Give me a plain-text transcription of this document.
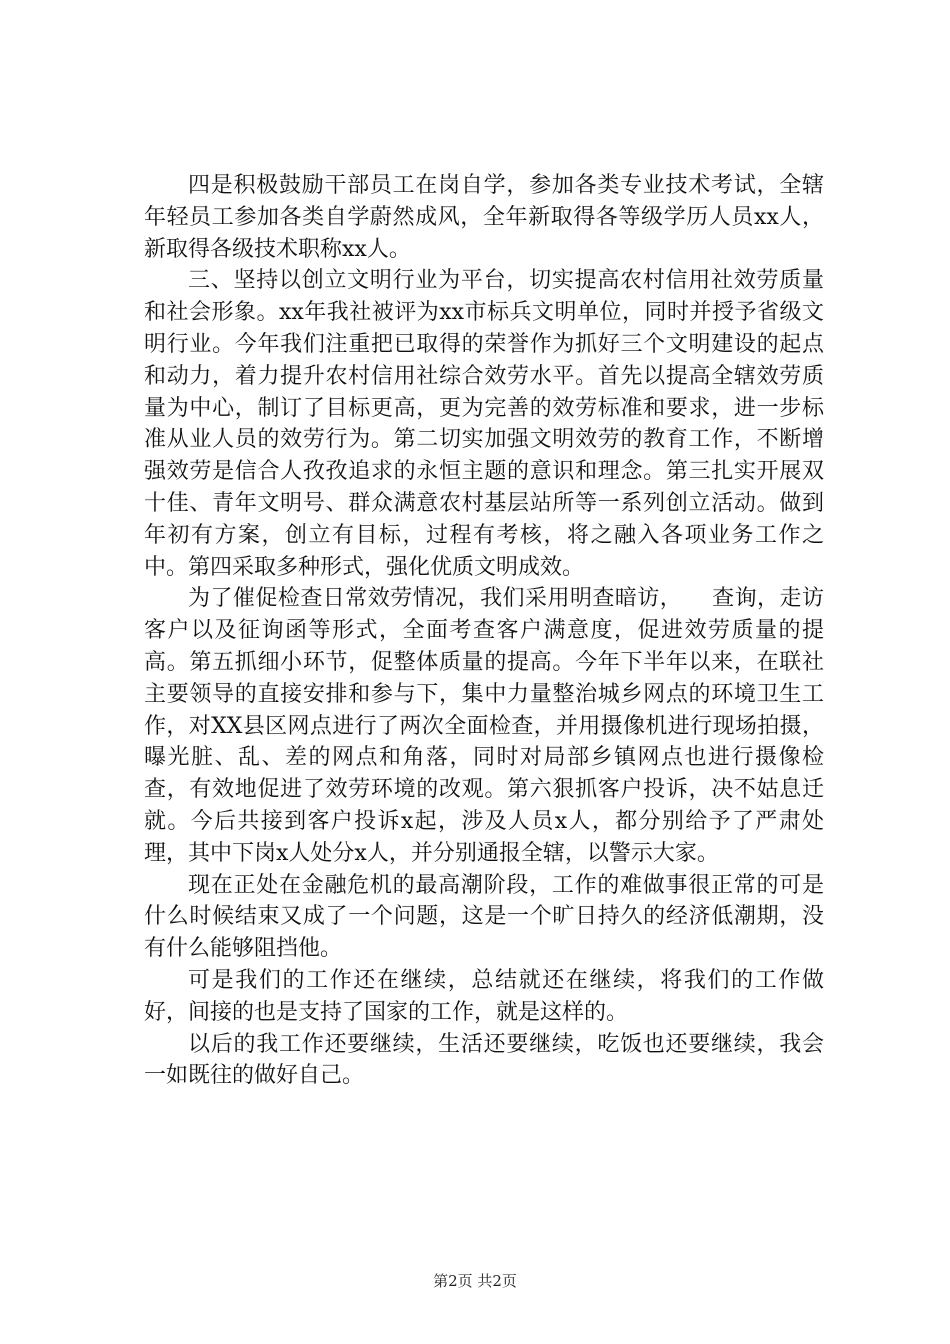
四是积极鼓励干部员工在岗自学，参加各类专业技术考试，全辖年轻员工参加各类自学蔚然成风，全年新取得各等级学历人员xx人，新取得各级技术职称xx人。

三、坚持以创立文明行业为平台，切实提高农村信用社效劳质量和社会形象。xx年我社被评为xx市标兵文明单位，同时并授予省级文明行业。今年我们注重把已取得的荣誉作为抓好三个文明建设的起点和动力，着力提升农村信用社综合效劳水平。首先以提高全辖效劳质量为中心，制订了目标更高，更为完善的效劳标准和要求，进一步标准从业人员的效劳行为。第二切实加强文明效劳的教育工作，不断增强效劳是信合人孜孜追求的永恒主题的意识和理念。第三扎实开展双十佳、青年文明号、群众满意农村基层站所等一系列创立活动。做到年初有方案，创立有目标，过程有考核，将之融入各项业务工作之中。第四采取多种形式，强化优质文明成效。

为了催促检查日常效劳情况，我们采用明查暗访，    查询，走访客户以及征询函等形式，全面考查客户满意度，促进效劳质量的提高。第五抓细小环节，促整体质量的提高。今年下半年以来，在联社主要领导的直接安排和参与下，集中力量整治城乡网点的环境卫生工作，对XX县区网点进行了两次全面检查，并用摄像机进行现场拍摄，曝光脏、乱、差的网点和角落，同时对局部乡镇网点也进行摄像检查，有效地促进了效劳环境的改观。第六狠抓客户投诉，决不姑息迁就。今后共接到客户投诉x起，涉及人员x人，都分别给予了严肃处理，其中下岗x人处分x人，并分别通报全辖，以警示大家。

现在正处在金融危机的最高潮阶段，工作的难做事很正常的可是什么时候结束又成了一个问题，这是一个旷日持久的经济低潮期，没有什么能够阻挡他。

可是我们的工作还在继续，总结就还在继续，将我们的工作做好，间接的也是支持了国家的工作，就是这样的。

以后的我工作还要继续，生活还要继续，吃饭也还要继续，我会一如既往的做好自己。

第2页 共2页
